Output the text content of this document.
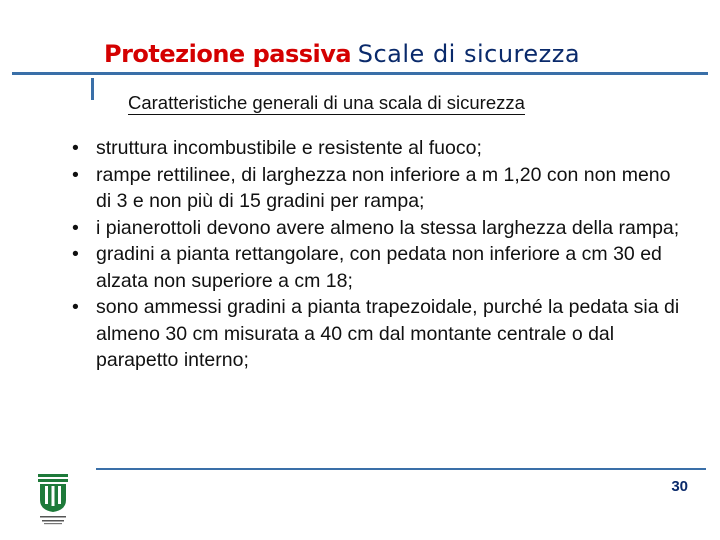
Protezione passiva Scale di sicurezza
Caratteristiche generali di una scala di sicurezza
• struttura incombustibile e resistente al fuoco;
• rampe rettilinee, di larghezza non inferiore a m 1,20 con non meno di 3 e non più di 15 gradini per rampa;
• i pianerottoli devono avere almeno la stessa larghezza della rampa;
• gradini a pianta rettangolare, con pedata non inferiore a cm 30 ed alzata non superiore a cm 18;
• sono ammessi gradini a pianta trapezoidale, purché la pedata sia di almeno 30 cm misurata a 40 cm dal montante centrale o dal parapetto interno;
30
